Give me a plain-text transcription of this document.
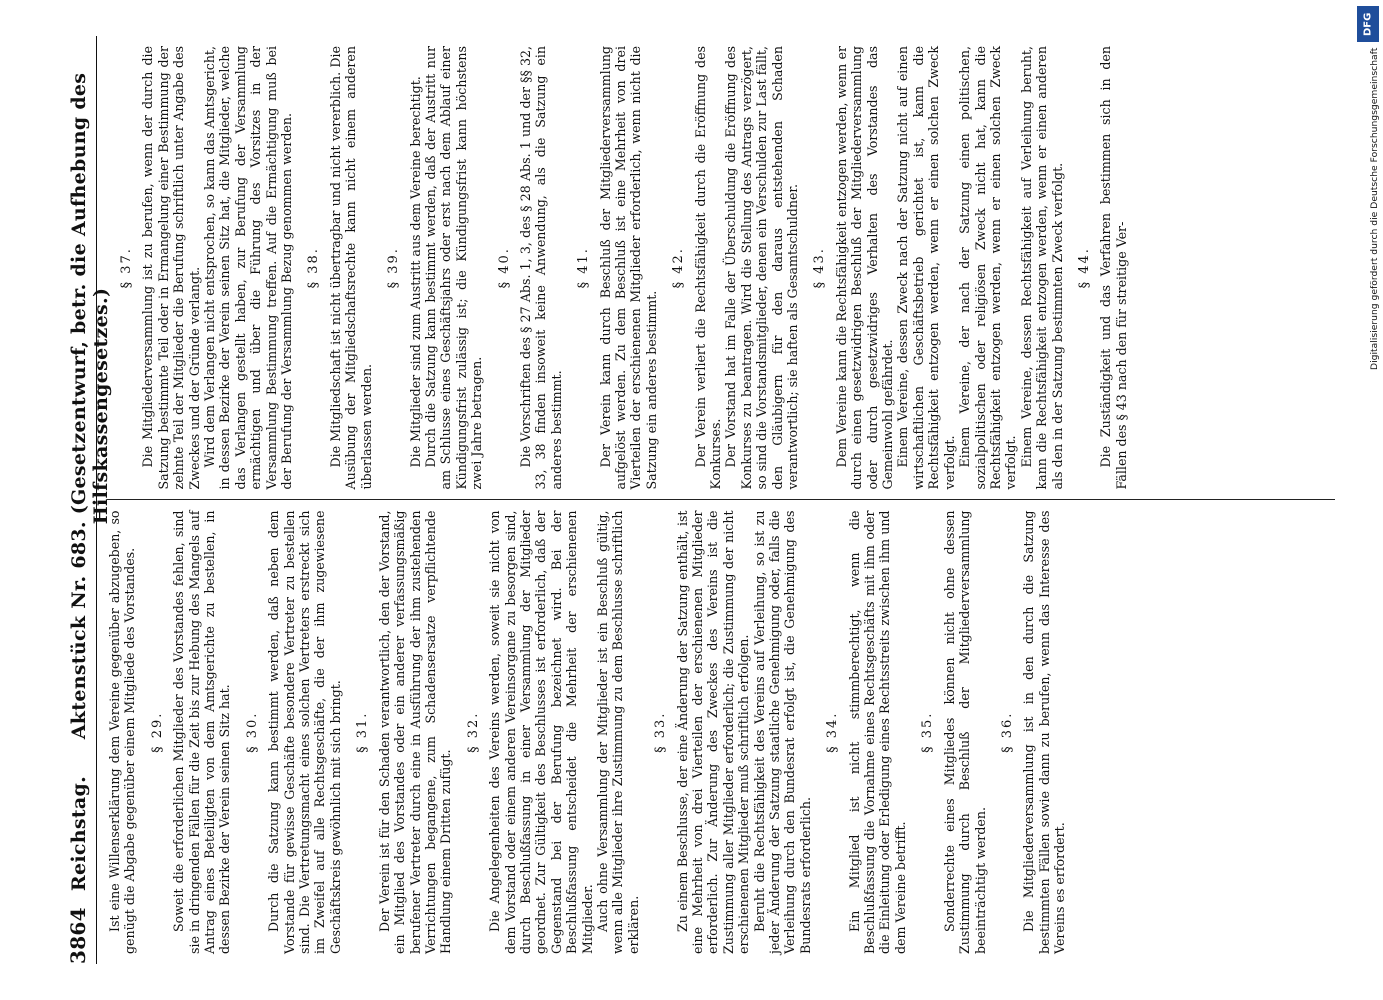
3864
Reichstag.
Aktenstück Nr. 683. (Gesetzentwurf, betr. die Aufhebung des Hilfskassengesetzes.)

Ist eine Willenserklärung dem Vereine gegenüber abzugeben, so genügt die Abgabe gegenüber einem Mitgliede des Vorstandes. § 29. Soweit die erforderlichen Mitglieder des Vorstandes fehlen, sind sie in dringenden Fällen für die Zeit bis zur Hebung des Mangels auf Antrag eines Beteiligten von dem Amtsgerichte zu bestellen, in dessen Bezirke der Verein seinen Sitz hat. § 30. Durch die Satzung kann bestimmt werden, daß neben dem Vorstande für gewisse Geschäfte besondere Vertreter zu bestellen sind. Die Vertretungsmacht eines solchen Vertreters erstreckt sich im Zweifel auf alle Rechtsgeschäfte, die der ihm zugewiesene Geschäftskreis gewöhnlich mit sich bringt. § 31. Der Verein ist für den Schaden verantwortlich, den der Vorstand, ein Mitglied des Vorstandes oder ein anderer verfassungsmäßig berufener Vertreter durch eine in Ausführung der ihm zustehenden Verrichtungen begangene, zum Schadensersatze verpflichtende Handlung einem Dritten zufügt.

§ 32. Die Angelegenheiten des Vereins werden, soweit sie nicht von dem Vorstand oder einem anderen Vereinsorgane zu besorgen sind, durch Beschlußfassung in einer Versammlung der Mitglieder geordnet. Zur Gültigkeit des Beschlusses ist erforderlich, daß der Gegenstand bei der Berufung bezeichnet wird. Bei der Beschlußfassung entscheidet die Mehrheit der erschienenen Mitglieder. Auch ohne Versammlung der Mitglieder ist ein Beschluß gültig, wenn alle Mitglieder ihre Zustimmung zu dem Beschlusse schriftlich erklären.

§ 33. Zu einem Beschlusse, der eine Änderung der Satzung enthält, ist eine Mehrheit von drei Vierteilen der erschienenen Mitglieder erforderlich. Zur Änderung des Zweckes des Vereins ist die Zustimmung aller Mitglieder erforderlich; die Zustimmung der nicht erschienenen Mitglieder muß schriftlich erfolgen. Beruht die Rechtsfähigkeit des Vereins auf Verleihung, so ist zu jeder Änderung der Satzung staatliche Genehmigung oder, falls die Verleihung durch den Bundesrat erfolgt ist, die Genehmigung des Bundesrats erforderlich.

§ 34. Ein Mitglied ist nicht stimmberechtigt, wenn die Beschlußfassung die Vornahme eines Rechtsgeschäfts mit ihm oder die Einleitung oder Erledigung eines Rechtsstreits zwischen ihm und dem Vereine betrifft.

§ 35. Sonderrechte eines Mitgliedes können nicht ohne dessen Zustimmung durch Beschluß der Mitgliederversammlung beeinträchtigt werden.

§ 36. Die Mitgliederversammlung ist in den durch die Satzung bestimmten Fällen sowie dann zu berufen, wenn das Interesse des Vereins es erfordert.

§ 37. Die Mitgliederversammlung ist zu berufen, wenn der durch die Satzung bestimmte Teil oder in Ermangelung einer Bestimmung der zehnte Teil der Mitglieder die Berufung schriftlich unter Angabe des Zweckes und der Gründe verlangt. Wird dem Verlangen nicht entsprochen, so kann das Amtsgericht, in dessen Bezirke der Verein seinen Sitz hat, die Mitglieder, welche das Verlangen gestellt haben, zur Berufung der Versammlung ermächtigen und über die Führung des Vorsitzes in der Versammlung Bestimmung treffen. Auf die Ermächtigung muß bei der Berufung der Versammlung Bezug genommen werden. § 38. Die Mitgliedschaft ist nicht übertragbar und nicht vererblich. Die Ausübung der Mitgliedschaftsrechte kann nicht einem anderen überlassen werden.

§ 39. Die Mitglieder sind zum Austritt aus dem Vereine berechtigt. Durch die Satzung kann bestimmt werden, daß der Austritt nur am Schlusse eines Geschäftsjahrs oder erst nach dem Ablauf einer Kündigungsfrist zulässig ist; die Kündigungsfrist kann höchstens zwei Jahre betragen.

§ 40. Die Vorschriften des § 27 Abs. 1, 3, des § 28 Abs. 1 und der §§ 32, 33, 38 finden insoweit keine Anwendung, als die Satzung ein anderes bestimmt.

§ 41. Der Verein kann durch Beschluß der Mitgliederversammlung aufgelöst werden. Zu dem Beschluß ist eine Mehrheit von drei Vierteilen der erschienenen Mitglieder erforderlich, wenn nicht die Satzung ein anderes bestimmt.

§ 42. Der Verein verliert die Rechtsfähigkeit durch die Eröffnung des Konkurses. Der Vorstand hat im Falle der Überschuldung die Eröffnung des Konkurses zu beantragen. Wird die Stellung des Antrags verzögert, so sind die Vorstandsmitglieder, denen ein Verschulden zur Last fällt, den Gläubigern für den daraus entstehenden Schaden verantwortlich; sie haften als Gesamtschuldner. § 43. Dem Vereine kann die Rechtsfähigkeit entzogen werden, wenn er durch einen gesetzwidrigen Beschluß der Mitgliederversammlung oder durch gesetzwidriges Verhalten des Vorstandes das Gemeinwohl gefährdet. Einem Vereine, dessen Zweck nach der Satzung nicht auf einen wirtschaftlichen Geschäftsbetrieb gerichtet ist, kann die Rechtsfähigkeit entzogen werden, wenn er einen solchen Zweck verfolgt. Einem Vereine, der nach der Satzung einen politischen, sozialpolitischen oder religiösen Zweck nicht hat, kann die Rechtsfähigkeit entzogen werden, wenn er einen solchen Zweck verfolgt. Einem Vereine, dessen Rechtsfähigkeit auf Verleihung beruht, kann die Rechtsfähigkeit entzogen werden, wenn er einen anderen als den in der Satzung bestimmten Zweck verfolgt. § 44. Die Zuständigkeit und das Verfahren bestimmen sich in den Fällen des § 43 nach den für streitige Ver-

DFG
Digitalisierung gefördert durch die Deutsche Forschungsgemeinschaft
